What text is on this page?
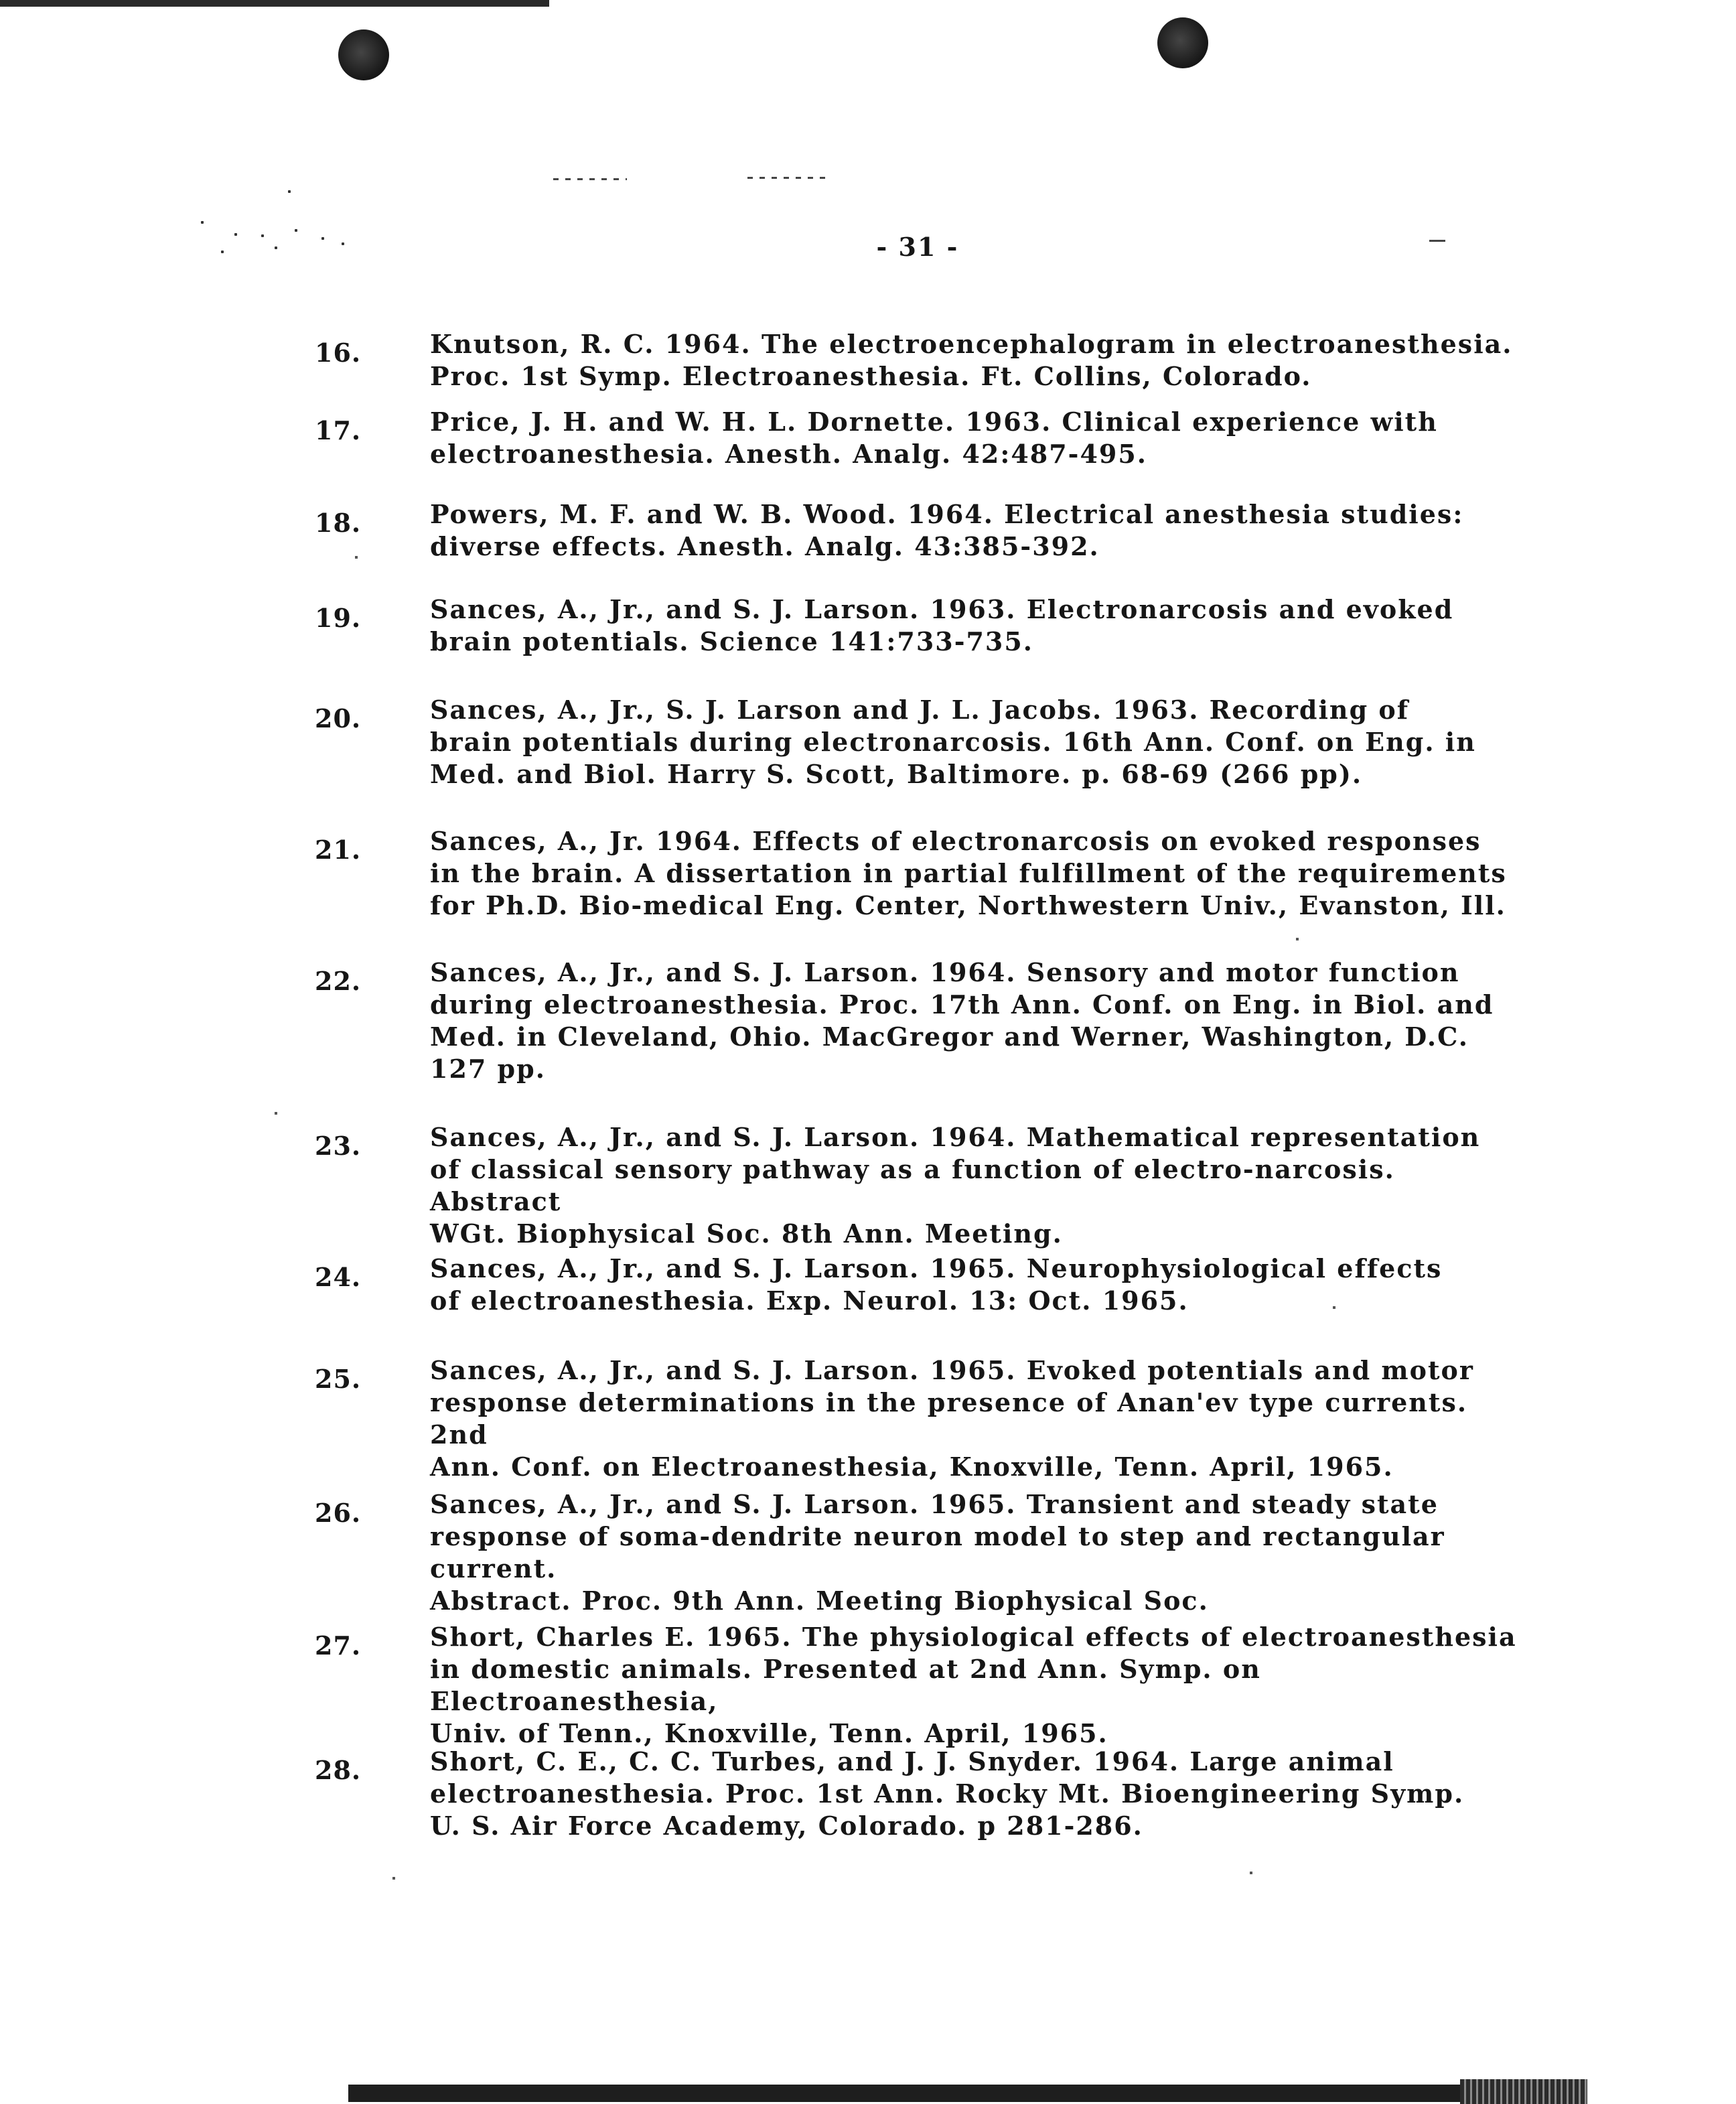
- 31 -
16.	Knutson, R. C. 1964. The electroencephalogram in electroanesthesia.
Proc. 1st Symp. Electroanesthesia. Ft. Collins, Colorado.
17.	Price, J. H. and W. H. L. Dornette. 1963. Clinical experience with
electroanesthesia. Anesth. Analg. 42:487-495.
18.	Powers, M. F. and W. B. Wood. 1964. Electrical anesthesia studies:
diverse effects. Anesth. Analg. 43:385-392.
19.	Sances, A., Jr., and S. J. Larson. 1963. Electronarcosis and evoked
brain potentials. Science 141:733-735.
20.	Sances, A., Jr., S. J. Larson and J. L. Jacobs. 1963. Recording of
brain potentials during electronarcosis. 16th Ann. Conf. on Eng. in
Med. and Biol. Harry S. Scott, Baltimore. p. 68-69 (266 pp).
21.	Sances, A., Jr. 1964. Effects of electronarcosis on evoked responses
in the brain. A dissertation in partial fulfillment of the requirements
for Ph.D. Bio-medical Eng. Center, Northwestern Univ., Evanston, Ill.
22.	Sances, A., Jr., and S. J. Larson. 1964. Sensory and motor function
during electroanesthesia. Proc. 17th Ann. Conf. on Eng. in Biol. and
Med. in Cleveland, Ohio. MacGregor and Werner, Washington, D.C.
127 pp.
23.	Sances, A., Jr., and S. J. Larson. 1964. Mathematical representation
of classical sensory pathway as a function of electro-narcosis. Abstract
WGt. Biophysical Soc. 8th Ann. Meeting.
24.	Sances, A., Jr., and S. J. Larson. 1965. Neurophysiological effects
of electroanesthesia. Exp. Neurol. 13: Oct. 1965.
25.	Sances, A., Jr., and S. J. Larson. 1965. Evoked potentials and motor
response determinations in the presence of Anan'ev type currents. 2nd
Ann. Conf. on Electroanesthesia, Knoxville, Tenn. April, 1965.
26.	Sances, A., Jr., and S. J. Larson. 1965. Transient and steady state
response of soma-dendrite neuron model to step and rectangular current.
Abstract. Proc. 9th Ann. Meeting Biophysical Soc.
27.	Short, Charles E. 1965. The physiological effects of electroanesthesia
in domestic animals. Presented at 2nd Ann. Symp. on Electroanesthesia,
Univ. of Tenn., Knoxville, Tenn. April, 1965.
28.	Short, C. E., C. C. Turbes, and J. J. Snyder. 1964. Large animal
electroanesthesia. Proc. 1st Ann. Rocky Mt. Bioengineering Symp.
U. S. Air Force Academy, Colorado. p 281-286.
